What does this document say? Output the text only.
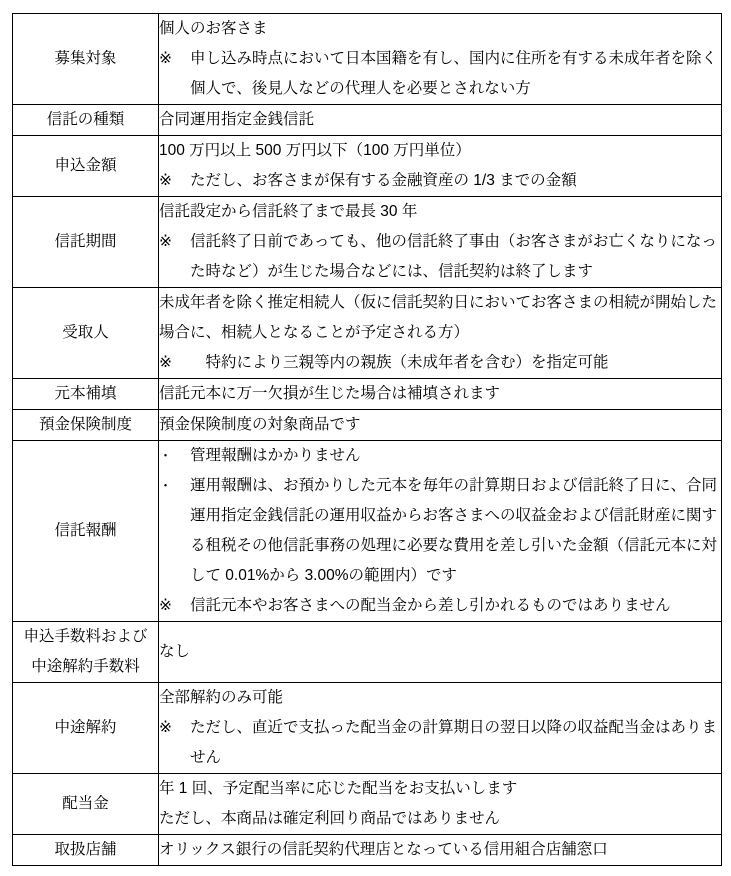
募集対象	個人のお客さま

※ 申し込み時点において日本国籍を有し、国内に住所を有する未成年者を除く個人で、後見人などの代理人を必要とされない方

信託の種類	合同運用指定金銭信託

申込金額	100 万円以上 500 万円以下（100 万円単位）

※ ただし、お客さまが保有する金融資産の 1/3 までの金額

信託期間	信託設定から信託終了まで最長 30 年

※ 信託終了日前であっても、他の信託終了事由（お客さまがお亡くなりになった時など）が生じた場合などには、信託契約は終了します

受取人	未成年者を除く推定相続人（仮に信託契約日においてお客さまの相続が開始した場合に、相続人となることが予定される方）

※　特約により三親等内の親族（未成年者を含む）を指定可能

元本補填	信託元本に万一欠損が生じた場合は補填されます

預金保険制度	預金保険制度の対象商品です

信託報酬	・ 管理報酬はかかりません

・ 運用報酬は、お預かりした元本を毎年の計算期日および信託終了日に、合同運用指定金銭信託の運用収益からお客さまへの収益金および信託財産に関する租税その他信託事務の処理に必要な費用を差し引いた金額（信託元本に対して 0.01%から 3.00%の範囲内）です

※ 信託元本やお客さまへの配当金から差し引かれるものではありません

申込手数料および
中途解約手数料	なし

中途解約	全部解約のみ可能

※ ただし、直近で支払った配当金の計算期日の翌日以降の収益配当金はありません

配当金	年 1 回、予定配当率に応じた配当をお支払いします

ただし、本商品は確定利回り商品ではありません

取扱店舗	オリックス銀行の信託契約代理店となっている信用組合店舗窓口
